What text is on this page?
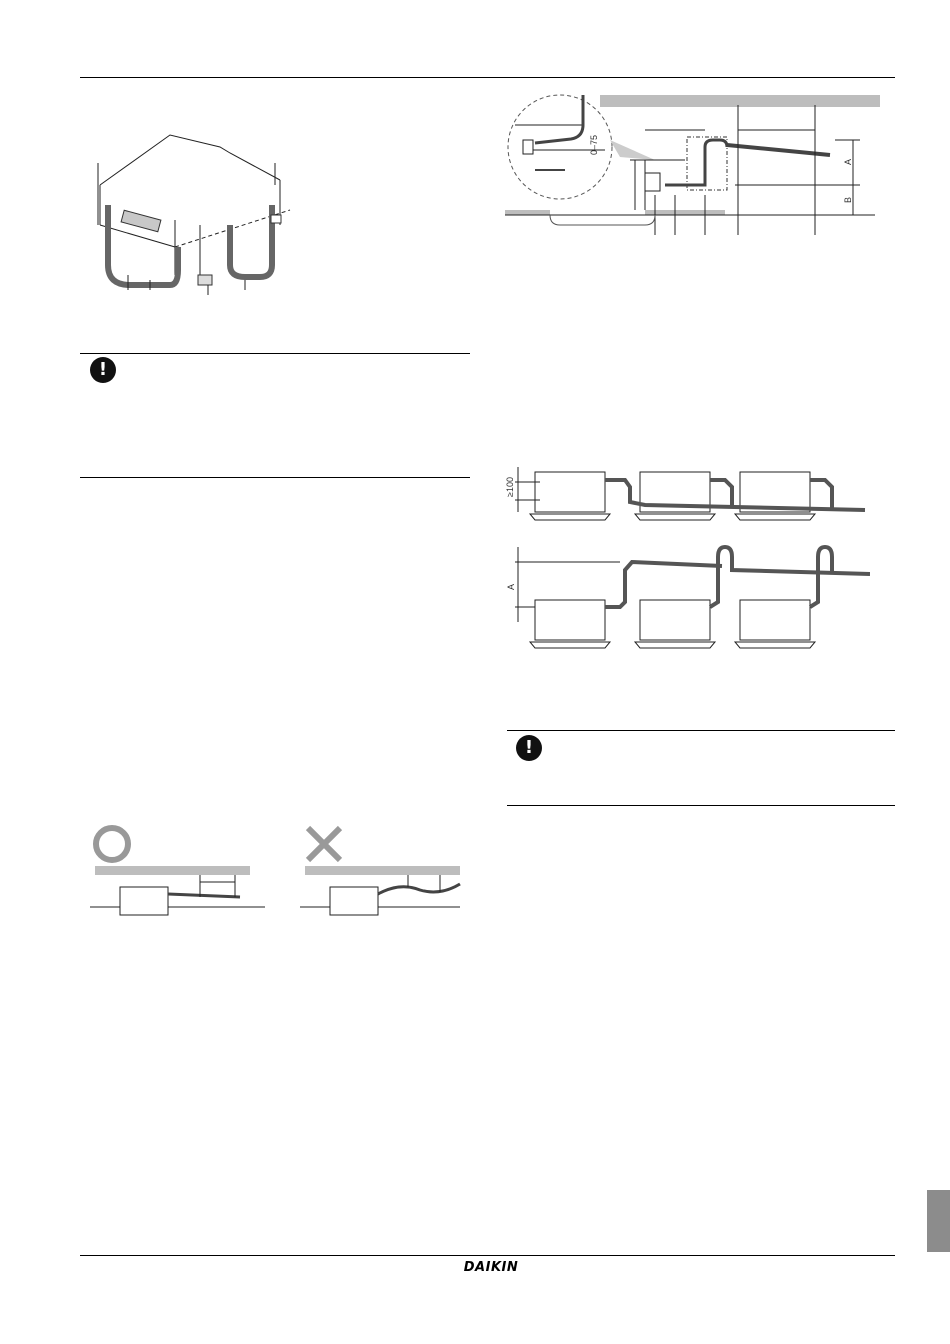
!
0–75
A
B
≥100
A
!
DAIKIN
